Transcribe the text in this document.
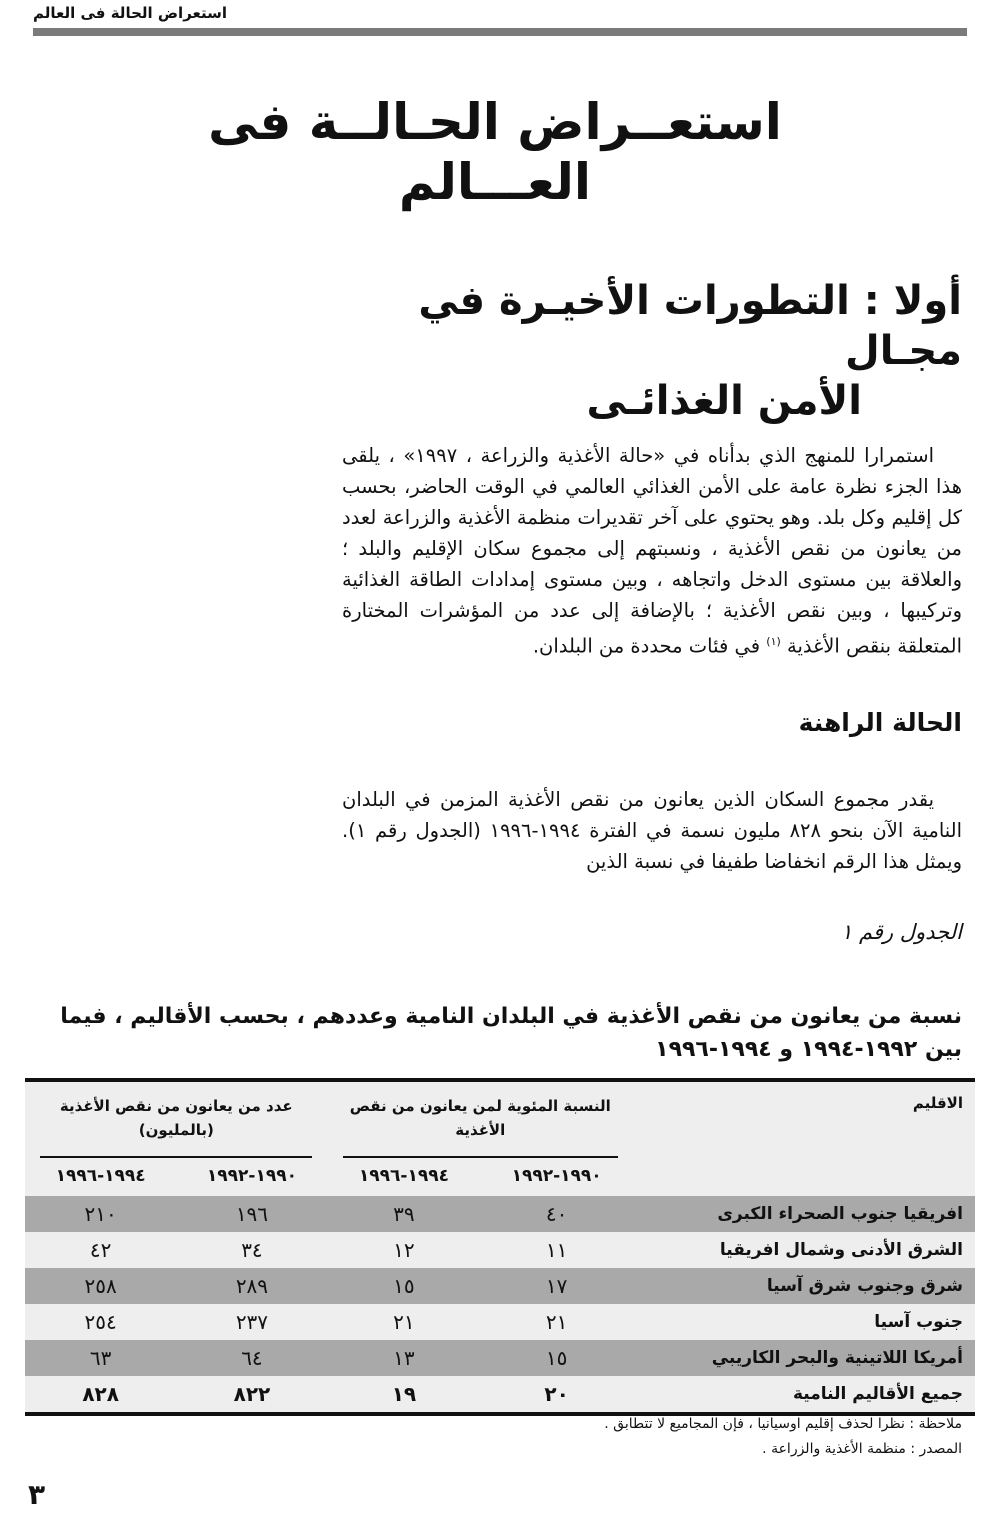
استعراض الحالة فى العالم
استعــراض الحـالــة فى العـــالم
أولا : التطورات الأخيـرة في مجـال
الأمن الغذائـى

استمرارا للمنهج الذي بدأناه في «حالة الأغذية والزراعة ، ١٩٩٧» ، يلقى هذا الجزء نظرة عامة على الأمن الغذائي العالمي في الوقت الحاضر، بحسب كل إقليم وكل بلد. وهو يحتوي على آخر تقديرات منظمة الأغذية والزراعة لعدد من يعانون من نقص الأغذية ، ونسبتهم إلى مجموع سكان الإقليم والبلد ؛ والعلاقة بين مستوى الدخل واتجاهه ، وبين مستوى إمدادات الطاقة الغذائية وتركيبها ، وبين نقص الأغذية ؛ بالإضافة إلى عدد من المؤشرات المختارة المتعلقة بنقص الأغذية $^{(١)}$ في فئات محددة من البلدان.

الحالة الراهنة

يقدر مجموع السكان الذين يعانون من نقص الأغذية المزمن في البلدان النامية الآن بنحو ٨٢٨ مليون نسمة في الفترة ١٩٩٤-١٩٩٦ (الجدول رقم ١). ويمثل هذا الرقم انخفاضا طفيفا في نسبة الذين

الجدول رقم ١
نسبة من يعانون من نقص الأغذية في البلدان النامية وعددهم ، بحسب الأقاليم ، فيما بين ١٩٩٢-١٩٩٤ و ١٩٩٤-١٩٩٦
الاقليم	النسبة المئوية لمن يعانون من نقص الأغذية		عدد من يعانون من نقص الأغذية (بالمليون)	

	١٩٩٠-١٩٩٢	١٩٩٤-١٩٩٦	١٩٩٠-١٩٩٢	١٩٩٤-١٩٩٦
افريقيا جنوب الصحراء الكبرى	٤٠	٣٩	١٩٦	٢١٠
الشرق الأدنى وشمال افريقيا	١١	١٢	٣٤	٤٢
شرق وجنوب شرق آسيا	١٧	١٥	٢٨٩	٢٥٨
جنوب آسيا	٢١	٢١	٢٣٧	٢٥٤
أمريكا اللاتينية والبحر الكاريبي	١٥	١٣	٦٤	٦٣
جميع الأقاليم النامية	٢٠	١٩	٨٢٢	٨٢٨
ملاحظة : نظرا لحذف إقليم اوسيانيا ، فإن المجاميع لا تتطابق .
المصدر : منظمة الأغذية والزراعة .
٣
